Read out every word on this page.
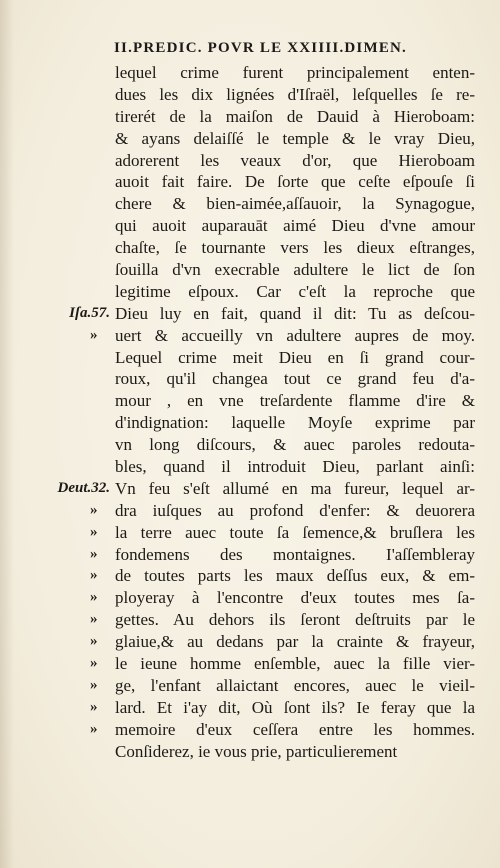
II.PREDIC. POVR LE XXIIII.DIMEN.
lequel crime furent principalement enten-
dues les dix lignées d'Iſraël, leſquelles ſe re-
tirerét de la maiſon de Dauid à Hieroboam:
& ayans delaiſſé le temple & le vray Dieu,
adorerent les veaux d'or, que Hieroboam
auoit fait faire. De ſorte que ceſte eſpouſe ſi
chere & bien-aimée,aſſauoir, la Synagogue,
qui auoit auparauāt aimé Dieu d'vne amour
chaſte, ſe tournante vers les dieux eſtranges,
ſouilla d'vn execrable adultere le lict de ſon
legitime eſpoux. Car c'eſt la reproche que
Iſa.57. Dieu luy en fait, quand il dit: Tu as deſcou-
» uert & accueilly vn adultere aupres de moy.
Lequel crime meit Dieu en ſi grand cour-
roux, qu'il changea tout ce grand feu d'a-
mour , en vne treſardente flamme d'ire &
d'indignation: laquelle Moyſe exprime par
vn long diſcours, & auec paroles redouta-
bles, quand il introduit Dieu, parlant ainſi:
Deut.32. Vn feu s'eſt allumé en ma fureur, lequel ar-
» dra iuſques au profond d'enfer: & deuorera
» la terre auec toute ſa ſemence,& bruſlera les
» fondemens des montaignes. I'aſſembleray
» de toutes parts les maux deſſus eux, & em-
» ployeray à l'encontre d'eux toutes mes ſa-
» gettes. Au dehors ils ſeront deſtruits par le
» glaiue,& au dedans par la crainte & frayeur,
» le ieune homme enſemble, auec la fille vier-
» ge, l'enfant allaictant encores, auec le vieil-
» lard. Et i'ay dit, Où ſont ils? Ie feray que la
» memoire d'eux ceſſera entre les hommes.
Conſiderez, ie vous prie, particulierement
